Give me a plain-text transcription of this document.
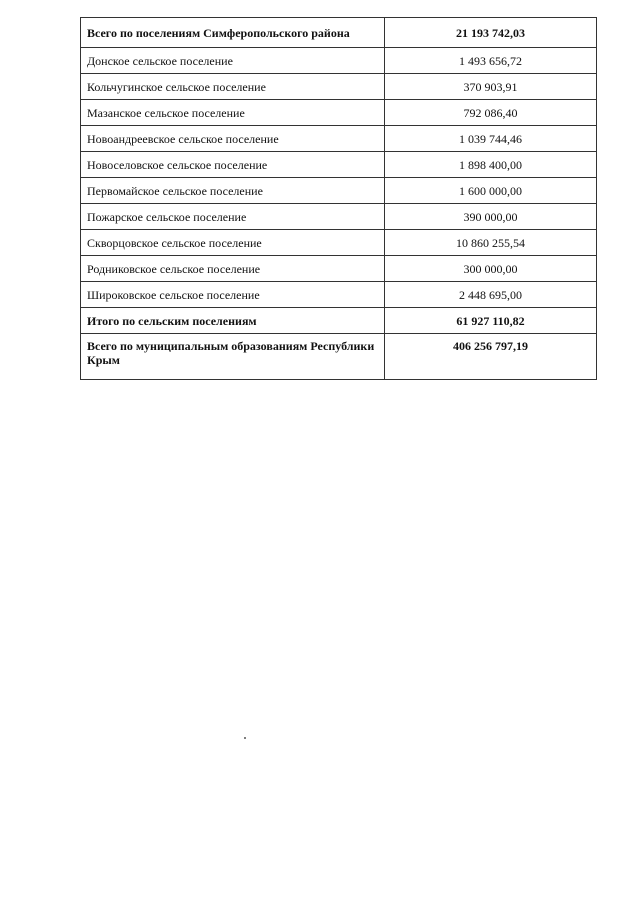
Всего по поселениям Симферопольского района	21 193 742,03
Донское сельское поселение	1 493 656,72
Кольчугинское сельское поселение	370 903,91
Мазанское сельское поселение	792 086,40
Новоандреевское сельское поселение	1 039 744,46
Новоселовское сельское поселение	1 898 400,00
Первомайское сельское поселение	1 600 000,00
Пожарское сельское поселение	390 000,00
Скворцовское сельское поселение	10 860 255,54
Родниковское сельское поселение	300 000,00
Широковское сельское поселение	2 448 695,00
Итого по сельским поселениям	61 927 110,82
Всего по муниципальным образованиям Республики Крым	406 256 797,19
